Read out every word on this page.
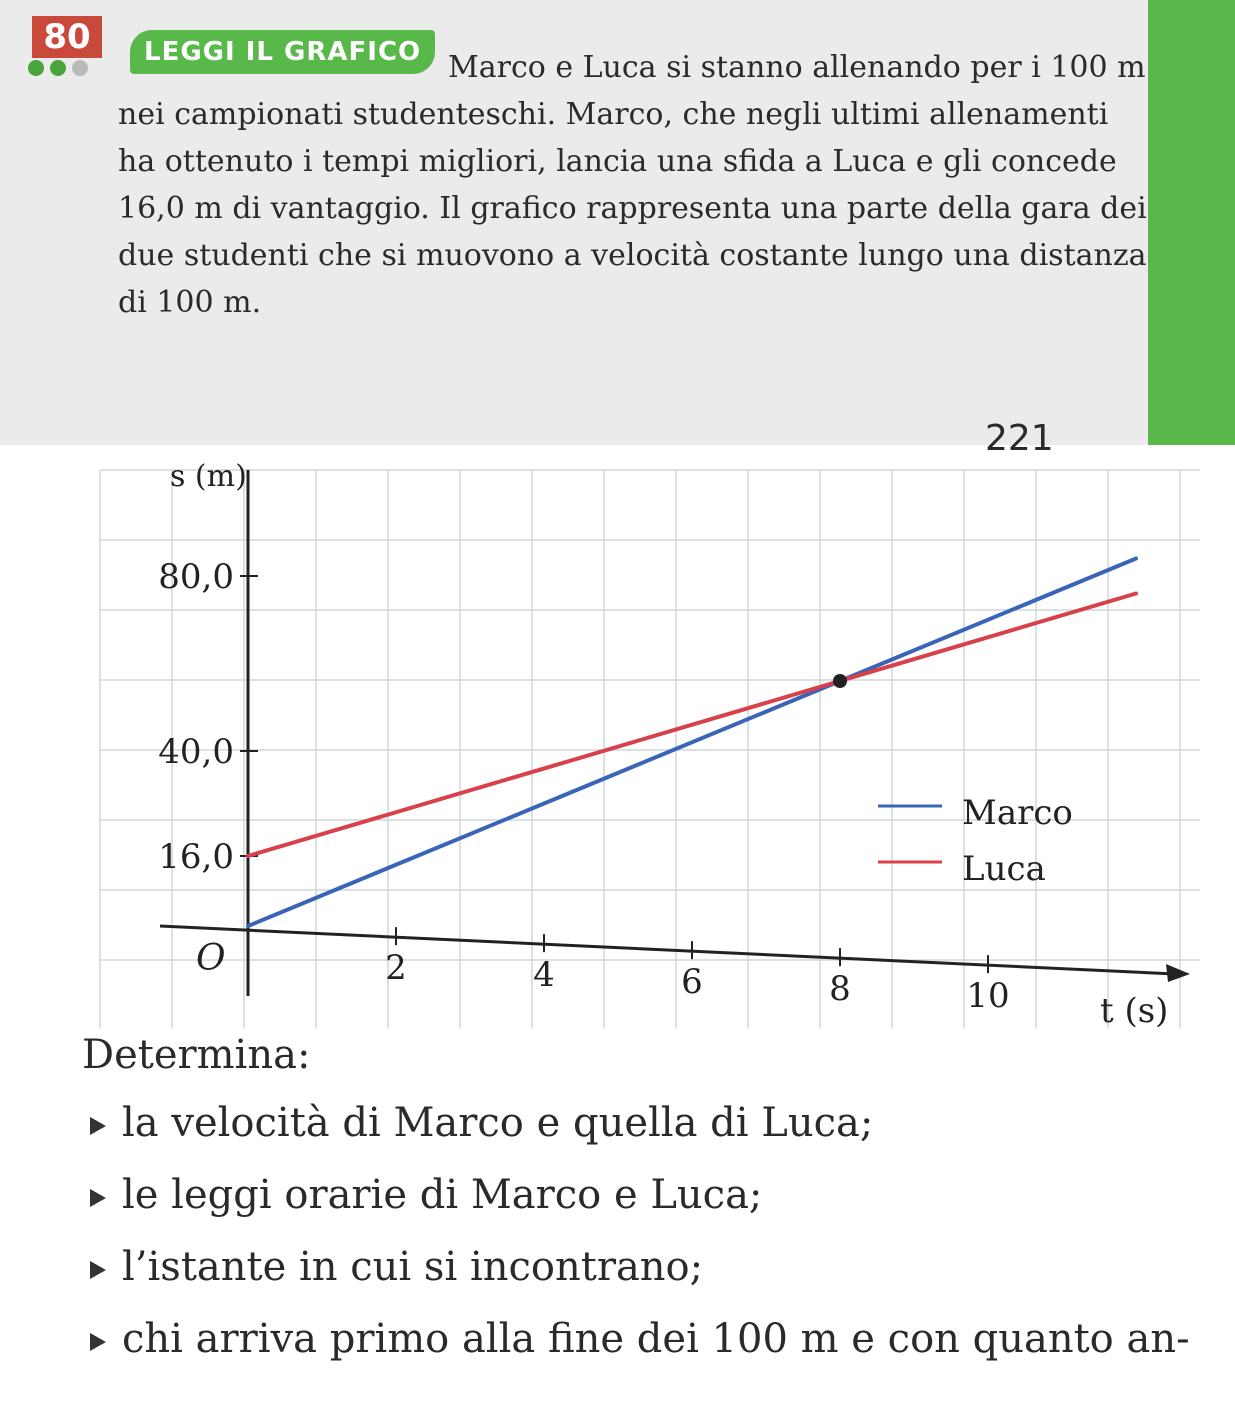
80

Marco e Luca si stanno allenando per i 100 m nei campionati studenteschi. Marco, che negli ultimi allenamenti ha ottenuto i tempi migliori, lancia una sfida a Luca e gli concede 16,0 m di vantaggio. Il grafico rappresenta una parte della gara dei due studenti che si muovono a velocità costante lungo una distanza di 100 m.

LEGGI IL GRAFICO
221
s (m)
t (s)
O
16,0
40,0
80,0
2	4	6	8	10
Marco
Luca

Determina:

la velocità di Marco e quella di Luca;
le leggi orarie di Marco e Luca;
l’istante in cui si incontrano;
chi arriva primo alla fine dei 100 m e con quanto an-
